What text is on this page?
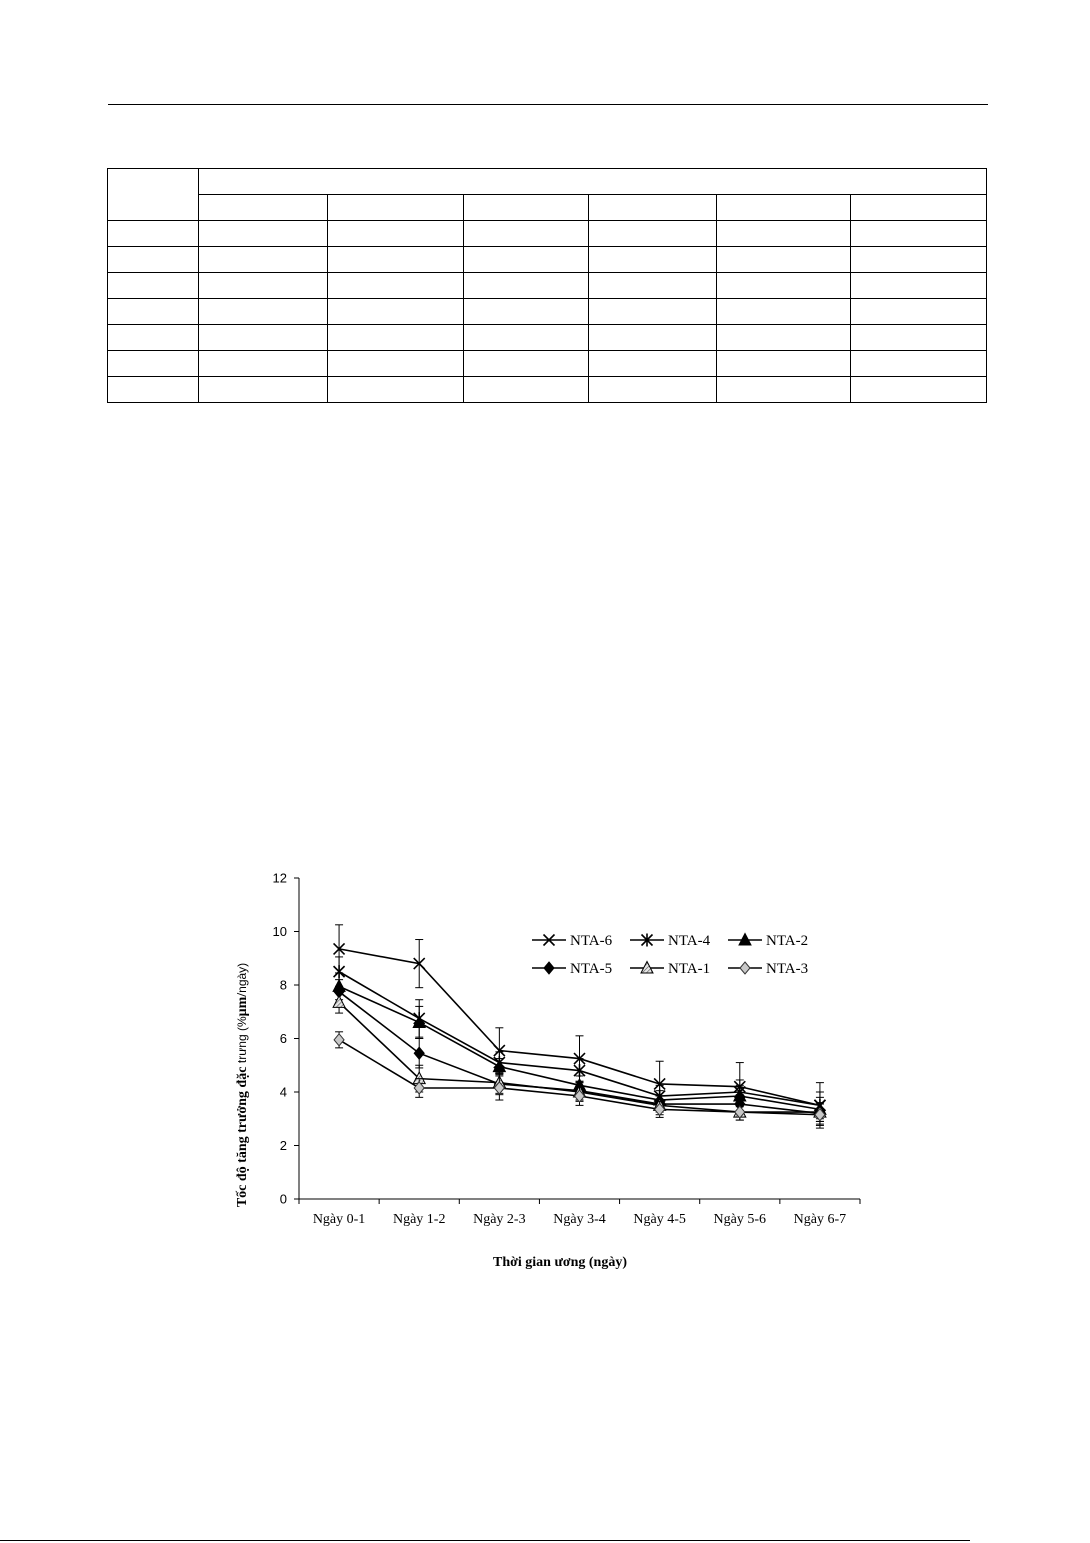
0
2
4
6
8
10
12
Ngày 0-1 Ngày 1-2 Ngày 2-3 Ngày 3-4 Ngày 4-5 Ngày 5-6 Ngày 6-7
NTA-6	NTA-4	NTA-2
NTA-5	NTA-1	NTA-3
Thời gian ương (ngày)
Tốc độ tăng trưởng đặc trưng (%μm/ngày)
